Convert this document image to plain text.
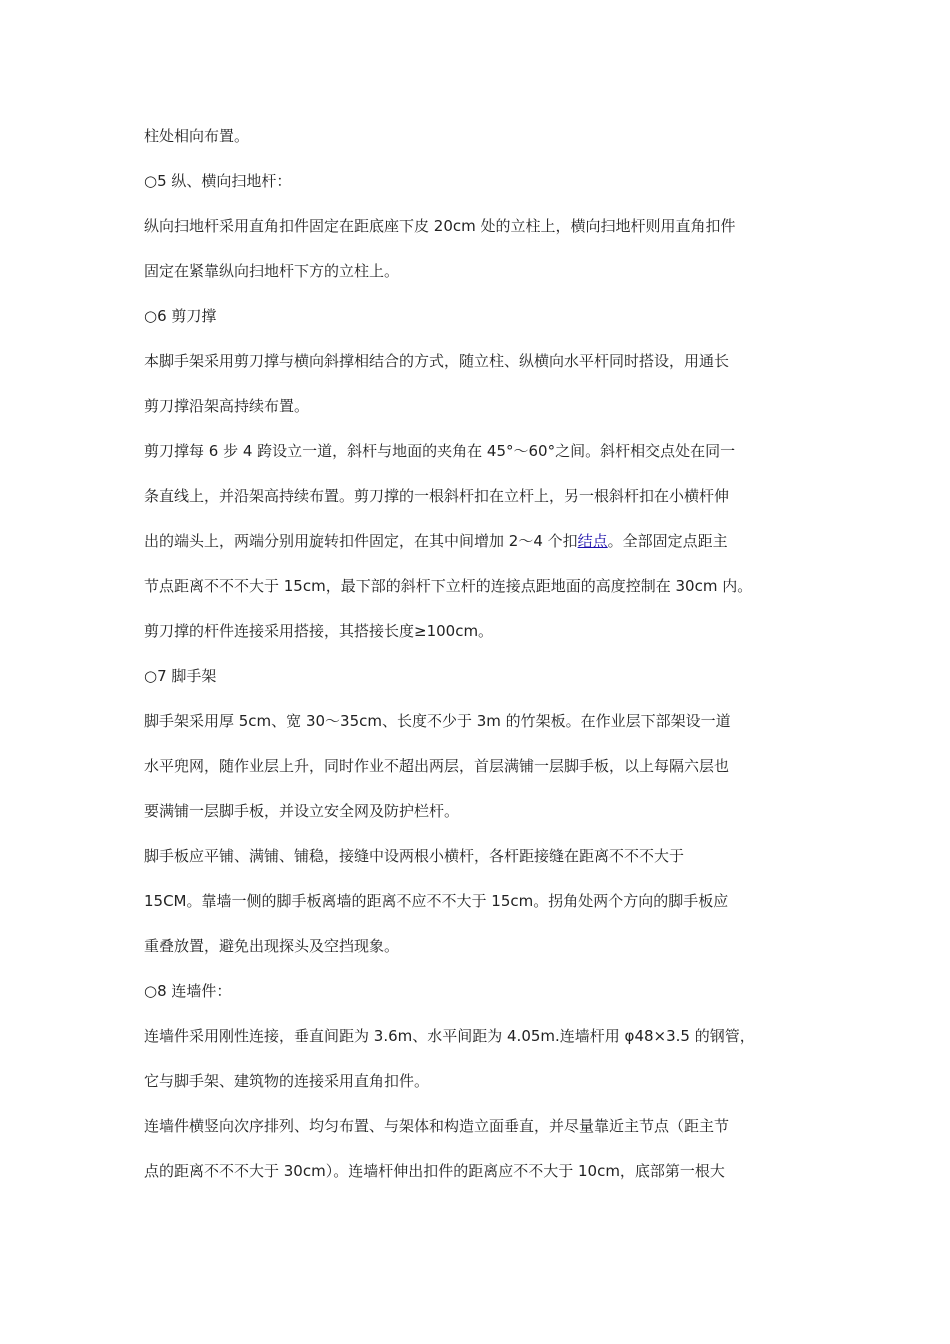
柱处相向布置。

○5 纵、横向扫地杆：

纵向扫地杆采用直角扣件固定在距底座下皮 20cm 处的立柱上，横向扫地杆则用直角扣件

固定在紧靠纵向扫地杆下方的立柱上。

○6 剪刀撑

本脚手架采用剪刀撑与横向斜撑相结合的方式，随立柱、纵横向水平杆同时搭设，用通长

剪刀撑沿架高持续布置。

剪刀撑每 6 步 4 跨设立一道，斜杆与地面的夹角在 45°～60°之间。斜杆相交点处在同一

条直线上，并沿架高持续布置。剪刀撑的一根斜杆扣在立杆上，另一根斜杆扣在小横杆伸

出的端头上，两端分别用旋转扣件固定，在其中间增加 2～4 个扣结点。全部固定点距主

节点距离不不不大于 15cm，最下部的斜杆下立杆的连接点距地面的高度控制在 30cm 内。

剪刀撑的杆件连接采用搭接，其搭接长度≥100cm。

○7 脚手架

脚手架采用厚 5cm、宽 30～35cm、长度不少于 3m 的竹架板。在作业层下部架设一道

水平兜网，随作业层上升，同时作业不超出两层，首层满铺一层脚手板，以上每隔六层也

要满铺一层脚手板，并设立安全网及防护栏杆。

脚手板应平铺、满铺、铺稳，接缝中设两根小横杆，各杆距接缝在距离不不不大于

15CM。靠墙一侧的脚手板离墙的距离不应不不大于 15cm。拐角处两个方向的脚手板应

重叠放置，避免出现探头及空挡现象。

○8 连墙件：

连墙件采用刚性连接，垂直间距为 3.6m、水平间距为 4.05m.连墙杆用 φ48×3.5 的钢管，

它与脚手架、建筑物的连接采用直角扣件。

连墙件横竖向次序排列、均匀布置、与架体和构造立面垂直，并尽量靠近主节点（距主节

点的距离不不不大于 30cm）。连墙杆伸出扣件的距离应不不大于 10cm，底部第一根大
